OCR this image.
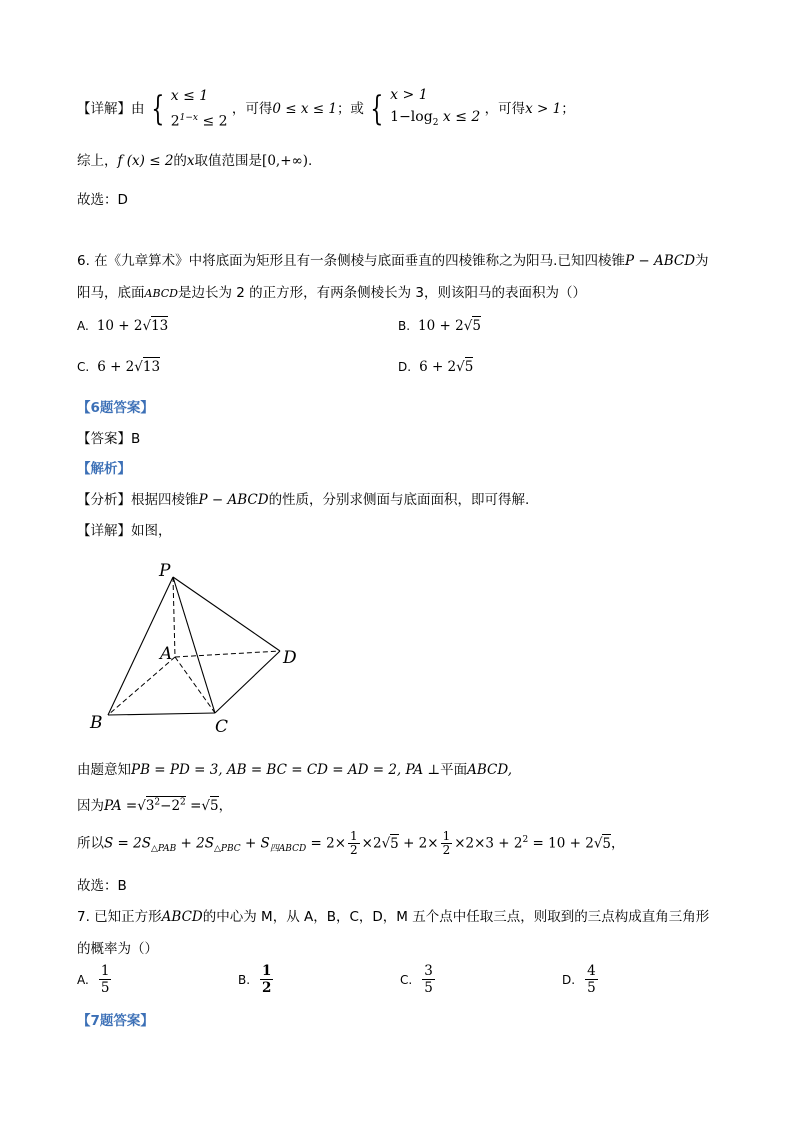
【详解】由 { x ≤ 1
$2^{1-x} \le 2$
，可得0 ≤ x ≤ 1；或 { x > 1
$1-\log_2$ x ≤ 2
，可得x > 1；
综上，f (x) ≤ 2的x取值范围是[0,+∞).
故选：D
6. 在《九章算术》中将底面为矩形且有一条侧棱与底面垂直的四棱锥称之为阳马.已知四棱锥P − ABCD为
阳马，底面ABCD是边长为 2 的正方形，有两条侧棱长为 3，则该阳马的表面积为（）
A. 10 + 2√13	B. 10 + 2√5
C. 6 + 2√13	D. 6 + 2√5
【6题答案】
【答案】B
【解析】
【分析】根据四棱锥P − ABCD的性质，分别求侧面与底面面积，即可得解.
【详解】如图，
P
A
B	C
D
由题意知PB = PD = 3, AB = BC = CD = AD = 2, PA ⊥平面ABCD,
因为PA $=√3^2-2^2 =√5$，
所以$S = 2S_{\triangle PAB} + 2S_{\triangle PBC} + S_{四ABCD} = 2\times \frac{1}{2} \times 2√5 + 2\times \frac{1}{2} \times 2\times 3 + 2^2 = 10 + 2√5$，
故选：B
7. 已知正方形ABCD的中心为 M，从 A，B，C，D，M 五个点中任取三点，则取到的三点构成直角三角形
的概率为（）
A. $\frac{1}{5}$	B. $\frac{1}{2}$	C. $\frac{3}{5}$	D. $\frac{4}{5}$
【7题答案】
